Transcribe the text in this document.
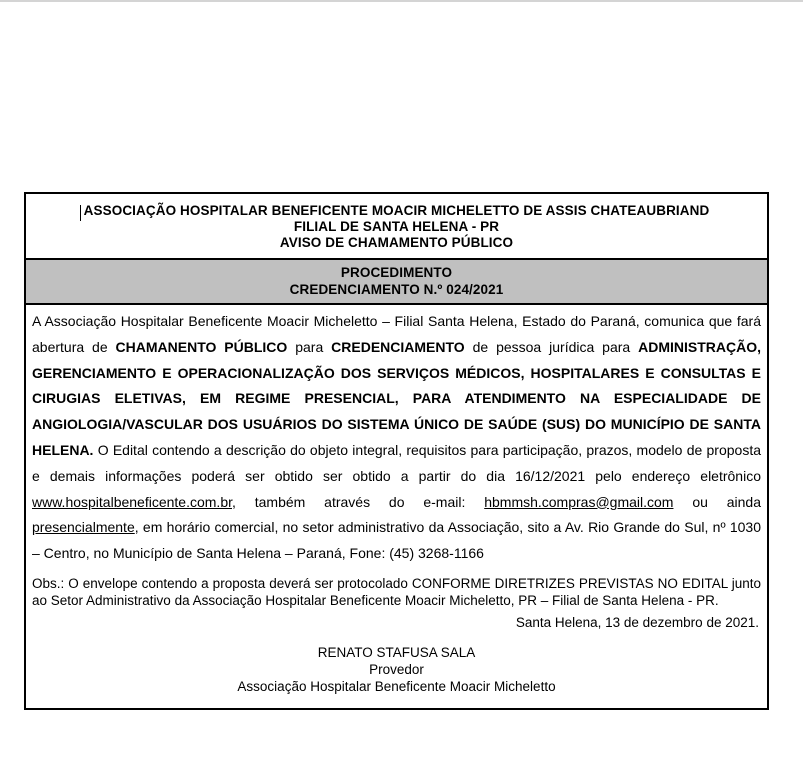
ASSOCIAÇÃO HOSPITALAR BENEFICENTE MOACIR MICHELETTO DE ASSIS CHATEAUBRIAND
FILIAL DE SANTA HELENA - PR
AVISO DE CHAMAMENTO PÚBLICO
PROCEDIMENTO
CREDENCIAMENTO N.º 024/2021

A Associação Hospitalar Beneficente Moacir Micheletto – Filial Santa Helena, Estado do Paraná, comunica que fará abertura de CHAMANENTO PÚBLICO para CREDENCIAMENTO de pessoa jurídica para ADMINISTRAÇÃO, GERENCIAMENTO E OPERACIONALIZAÇÃO DOS SERVIÇOS MÉDICOS, HOSPITALARES E CONSULTAS E CIRUGIAS ELETIVAS, EM REGIME PRESENCIAL, PARA ATENDIMENTO NA ESPECIALIDADE DE ANGIOLOGIA/VASCULAR DOS USUÁRIOS DO SISTEMA ÚNICO DE SAÚDE (SUS) DO MUNICÍPIO DE SANTA HELENA. O Edital contendo a descrição do objeto integral, requisitos para participação, prazos, modelo de proposta e demais informações poderá ser obtido ser obtido a partir do dia 16/12/2021 pelo endereço eletrônico www.hospitalbeneficente.com.br, também através do e-mail: hbmmsh.compras@gmail.com ou ainda presencialmente, em horário comercial, no setor administrativo da Associação, sito a Av. Rio Grande do Sul, nº 1030 – Centro, no Município de Santa Helena – Paraná, Fone: (45) 3268-1166

Obs.: O envelope contendo a proposta deverá ser protocolado CONFORME DIRETRIZES PREVISTAS NO EDITAL junto ao Setor Administrativo da Associação Hospitalar Beneficente Moacir Micheletto, PR – Filial de Santa Helena - PR.

Santa Helena, 13 de dezembro de 2021.

RENATO STAFUSA SALA
Provedor
Associação Hospitalar Beneficente Moacir Micheletto
